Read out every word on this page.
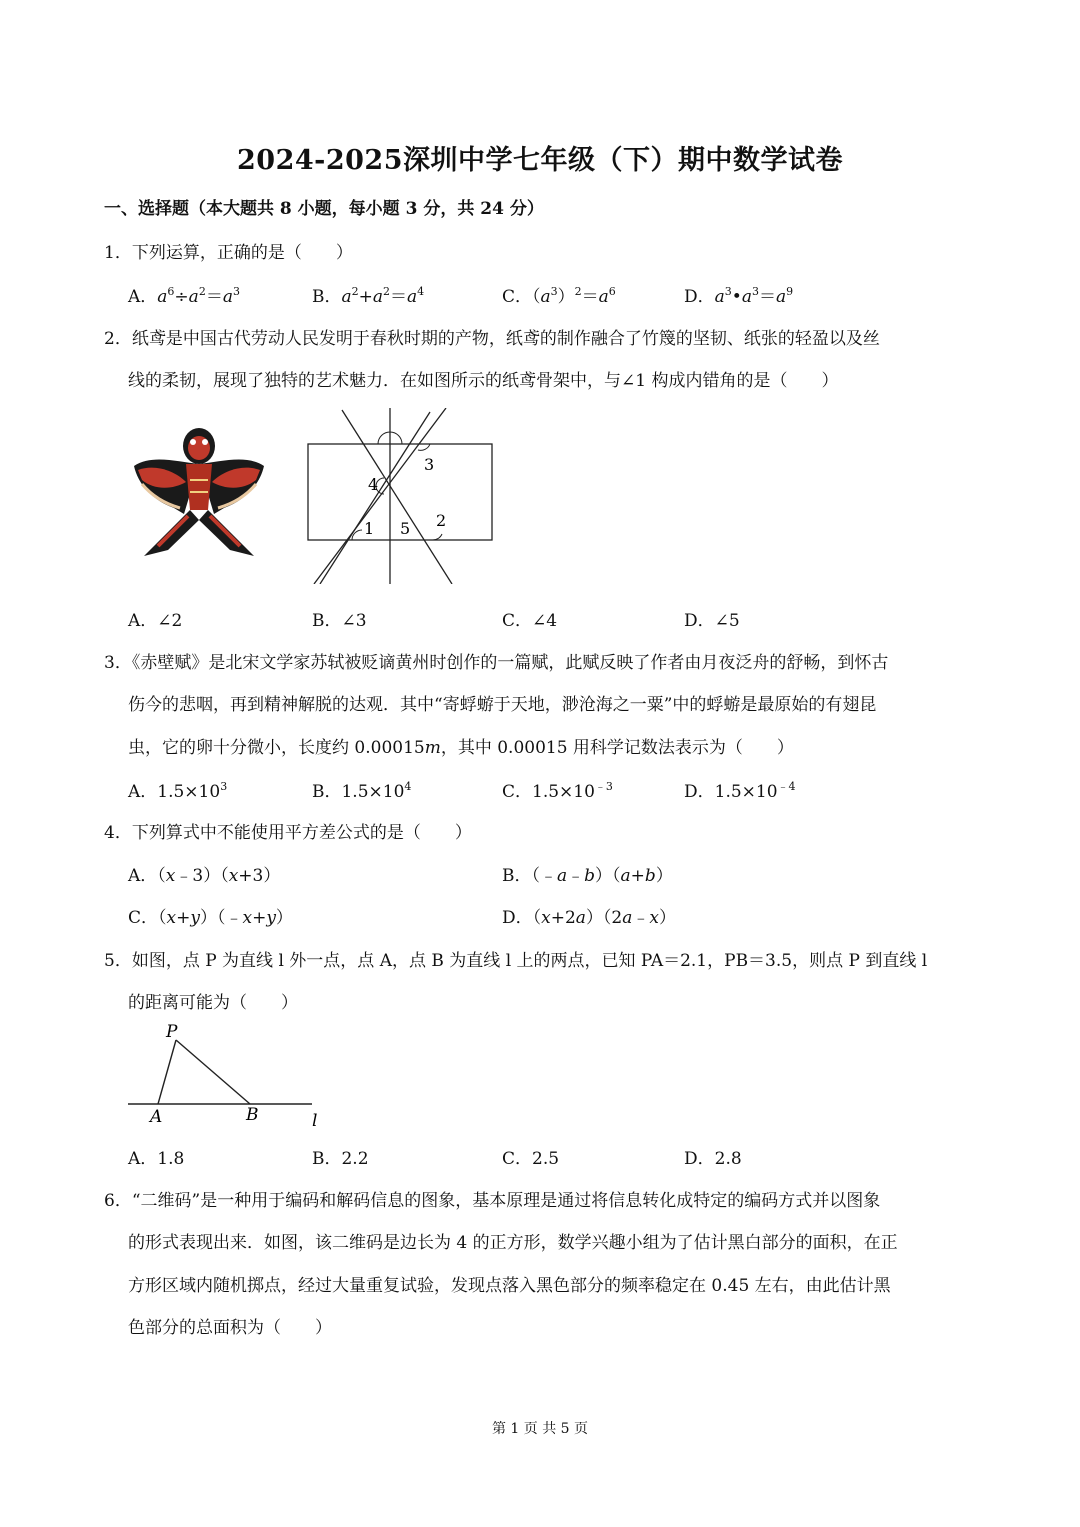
2024-2025深圳中学七年级（下）期中数学试卷
一、选择题（本大题共 8 小题，每小题 3 分，共 24 分）
1．下列运算，正确的是（　　）
A．$a^6\div a^2=a^3$	B．$a^2+a^2=a^4$	C．$(a^3)^2=a^6$	D．$a^3•a^3=a^9$
2．纸鸢是中国古代劳动人民发明于春秋时期的产物，纸鸢的制作融合了竹篾的坚韧、纸张的轻盈以及丝
线的柔韧，展现了独特的艺术魅力．在如图所示的纸鸢骨架中，与∠1 构成内错角的是（　　）
1	2
3
4
5
A．∠2	B．∠3	C．∠4	D．∠5
3．《赤壁赋》是北宋文学家苏轼被贬谪黄州时创作的一篇赋，此赋反映了作者由月夜泛舟的舒畅，到怀古
伤今的悲咽，再到精神解脱的达观．其中“寄蜉蝣于天地，渺沧海之一粟”中的蜉蝣是最原始的有翅昆
虫，它的卵十分微小，长度约 0.00015m，其中 0.00015 用科学记数法表示为（　　）
A．$1.5\times 10^3$	B．$1.5\times 10^4$	C．$1.5\times 10^{﹣3}$	D．$1.5\times 10^{﹣4}$
4．下列算式中不能使用平方差公式的是（　　）
A．（x﹣3）（x+3）	B．（﹣a﹣b）（a+b）
C．（x+y）（﹣x+y）	D．（x+2a）（2a﹣x）
5．如图，点 P 为直线 l 外一点，点 A，点 B 为直线 l 上的两点，已知 PA＝2.1，PB＝3.5，则点 P 到直线 l
的距离可能为（　　）
P
A	B	l
A．1.8	B．2.2	C．2.5	D．2.8
6．“二维码”是一种用于编码和解码信息的图象，基本原理是通过将信息转化成特定的编码方式并以图象
的形式表现出来．如图，该二维码是边长为 4 的正方形，数学兴趣小组为了估计黑白部分的面积，在正
方形区域内随机掷点，经过大量重复试验，发现点落入黑色部分的频率稳定在 0.45 左右，由此估计黑
色部分的总面积为（　　）
第 1 页 共 5 页
